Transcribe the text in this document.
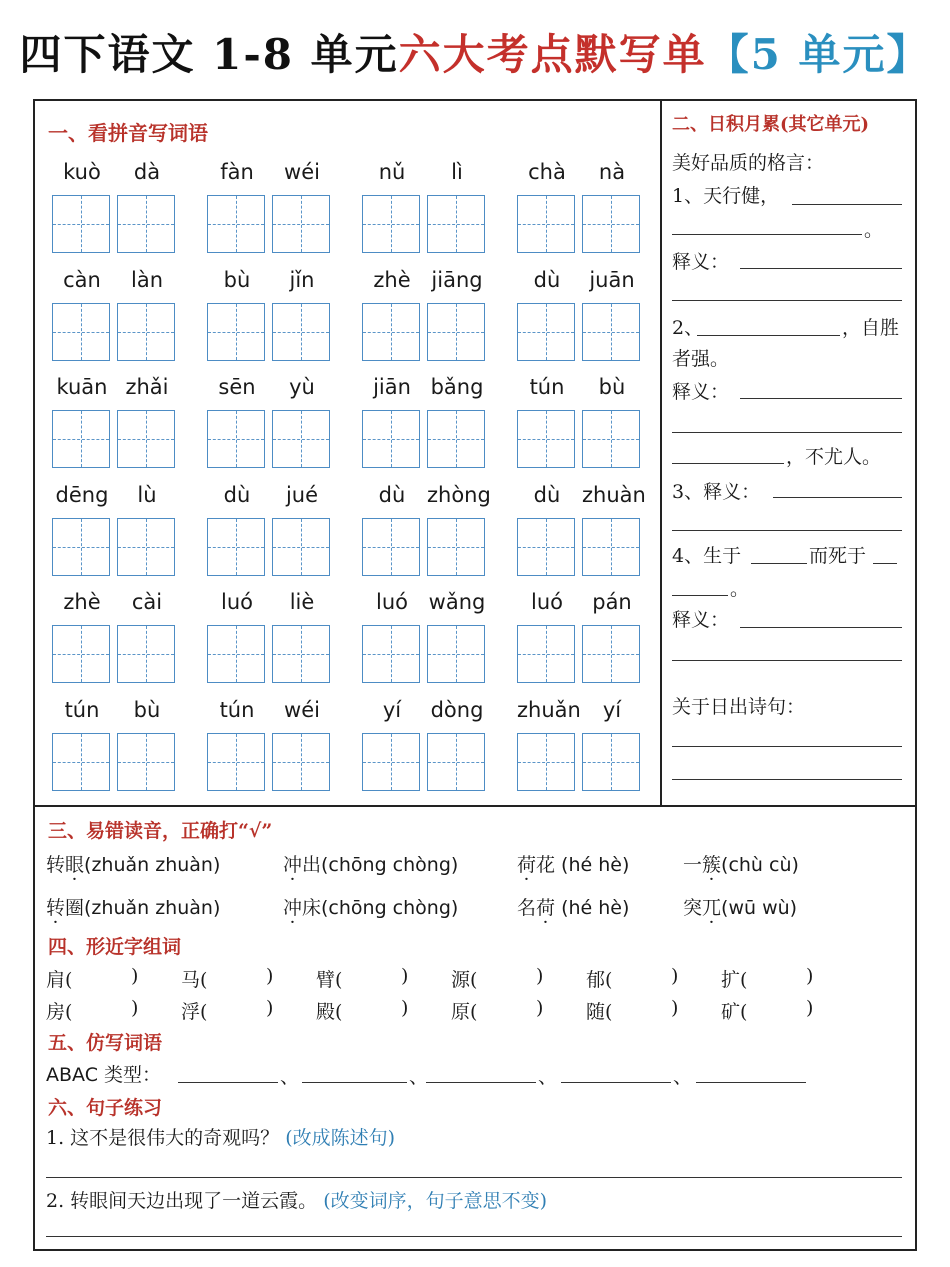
四下语文 1-8 单元六大考点默写单【5 单元】
一、看拼音写词语
kuò	dà	fàn	wéi	nǔ	lì	chà	nà
càn	làn	bù	jǐn	zhè jiāng	dù	juān
kuān zhǎi	sēn	yù	jiān bǎng	tún	bù
dēng	lù	dù	jué	dù	zhòng	dù	zhuàn
zhè	cài	luó	liè	luó wǎng	luó	pán
tún	bù	tún	wéi	yí	dòng zhuǎn	yí
二、日积月累(其它单元)
美好品质的格言：
1、天行健，
。
释义：
2、	，自胜
者强。
释义：
，不尤人。
3、释义：
4、生于	而死于
。
释义：
关于日出诗句：
三、易错读音，正确打“√”
转眼(zhuǎn zhuàn)	冲出(chōng chòng)	荷花 (hé hè)	一簇(chù cù)
转圈(zhuǎn zhuàn)	冲床(chōng chòng)	名荷 (hé hè)	突兀(wū wù)
四、形近字组词
肩(	) 马(	) 臂(	) 源(	) 郁(	) 扩(	)
房(	) 浮(	) 殿(	) 原(	) 随(	) 矿(	)
五、仿写词语
ABAC 类型：	、	、	、	、
六、句子练习
1. 这不是很伟大的奇观吗？ (改成陈述句)
2. 转眼间天边出现了一道云霞。 (改变词序，句子意思不变)
